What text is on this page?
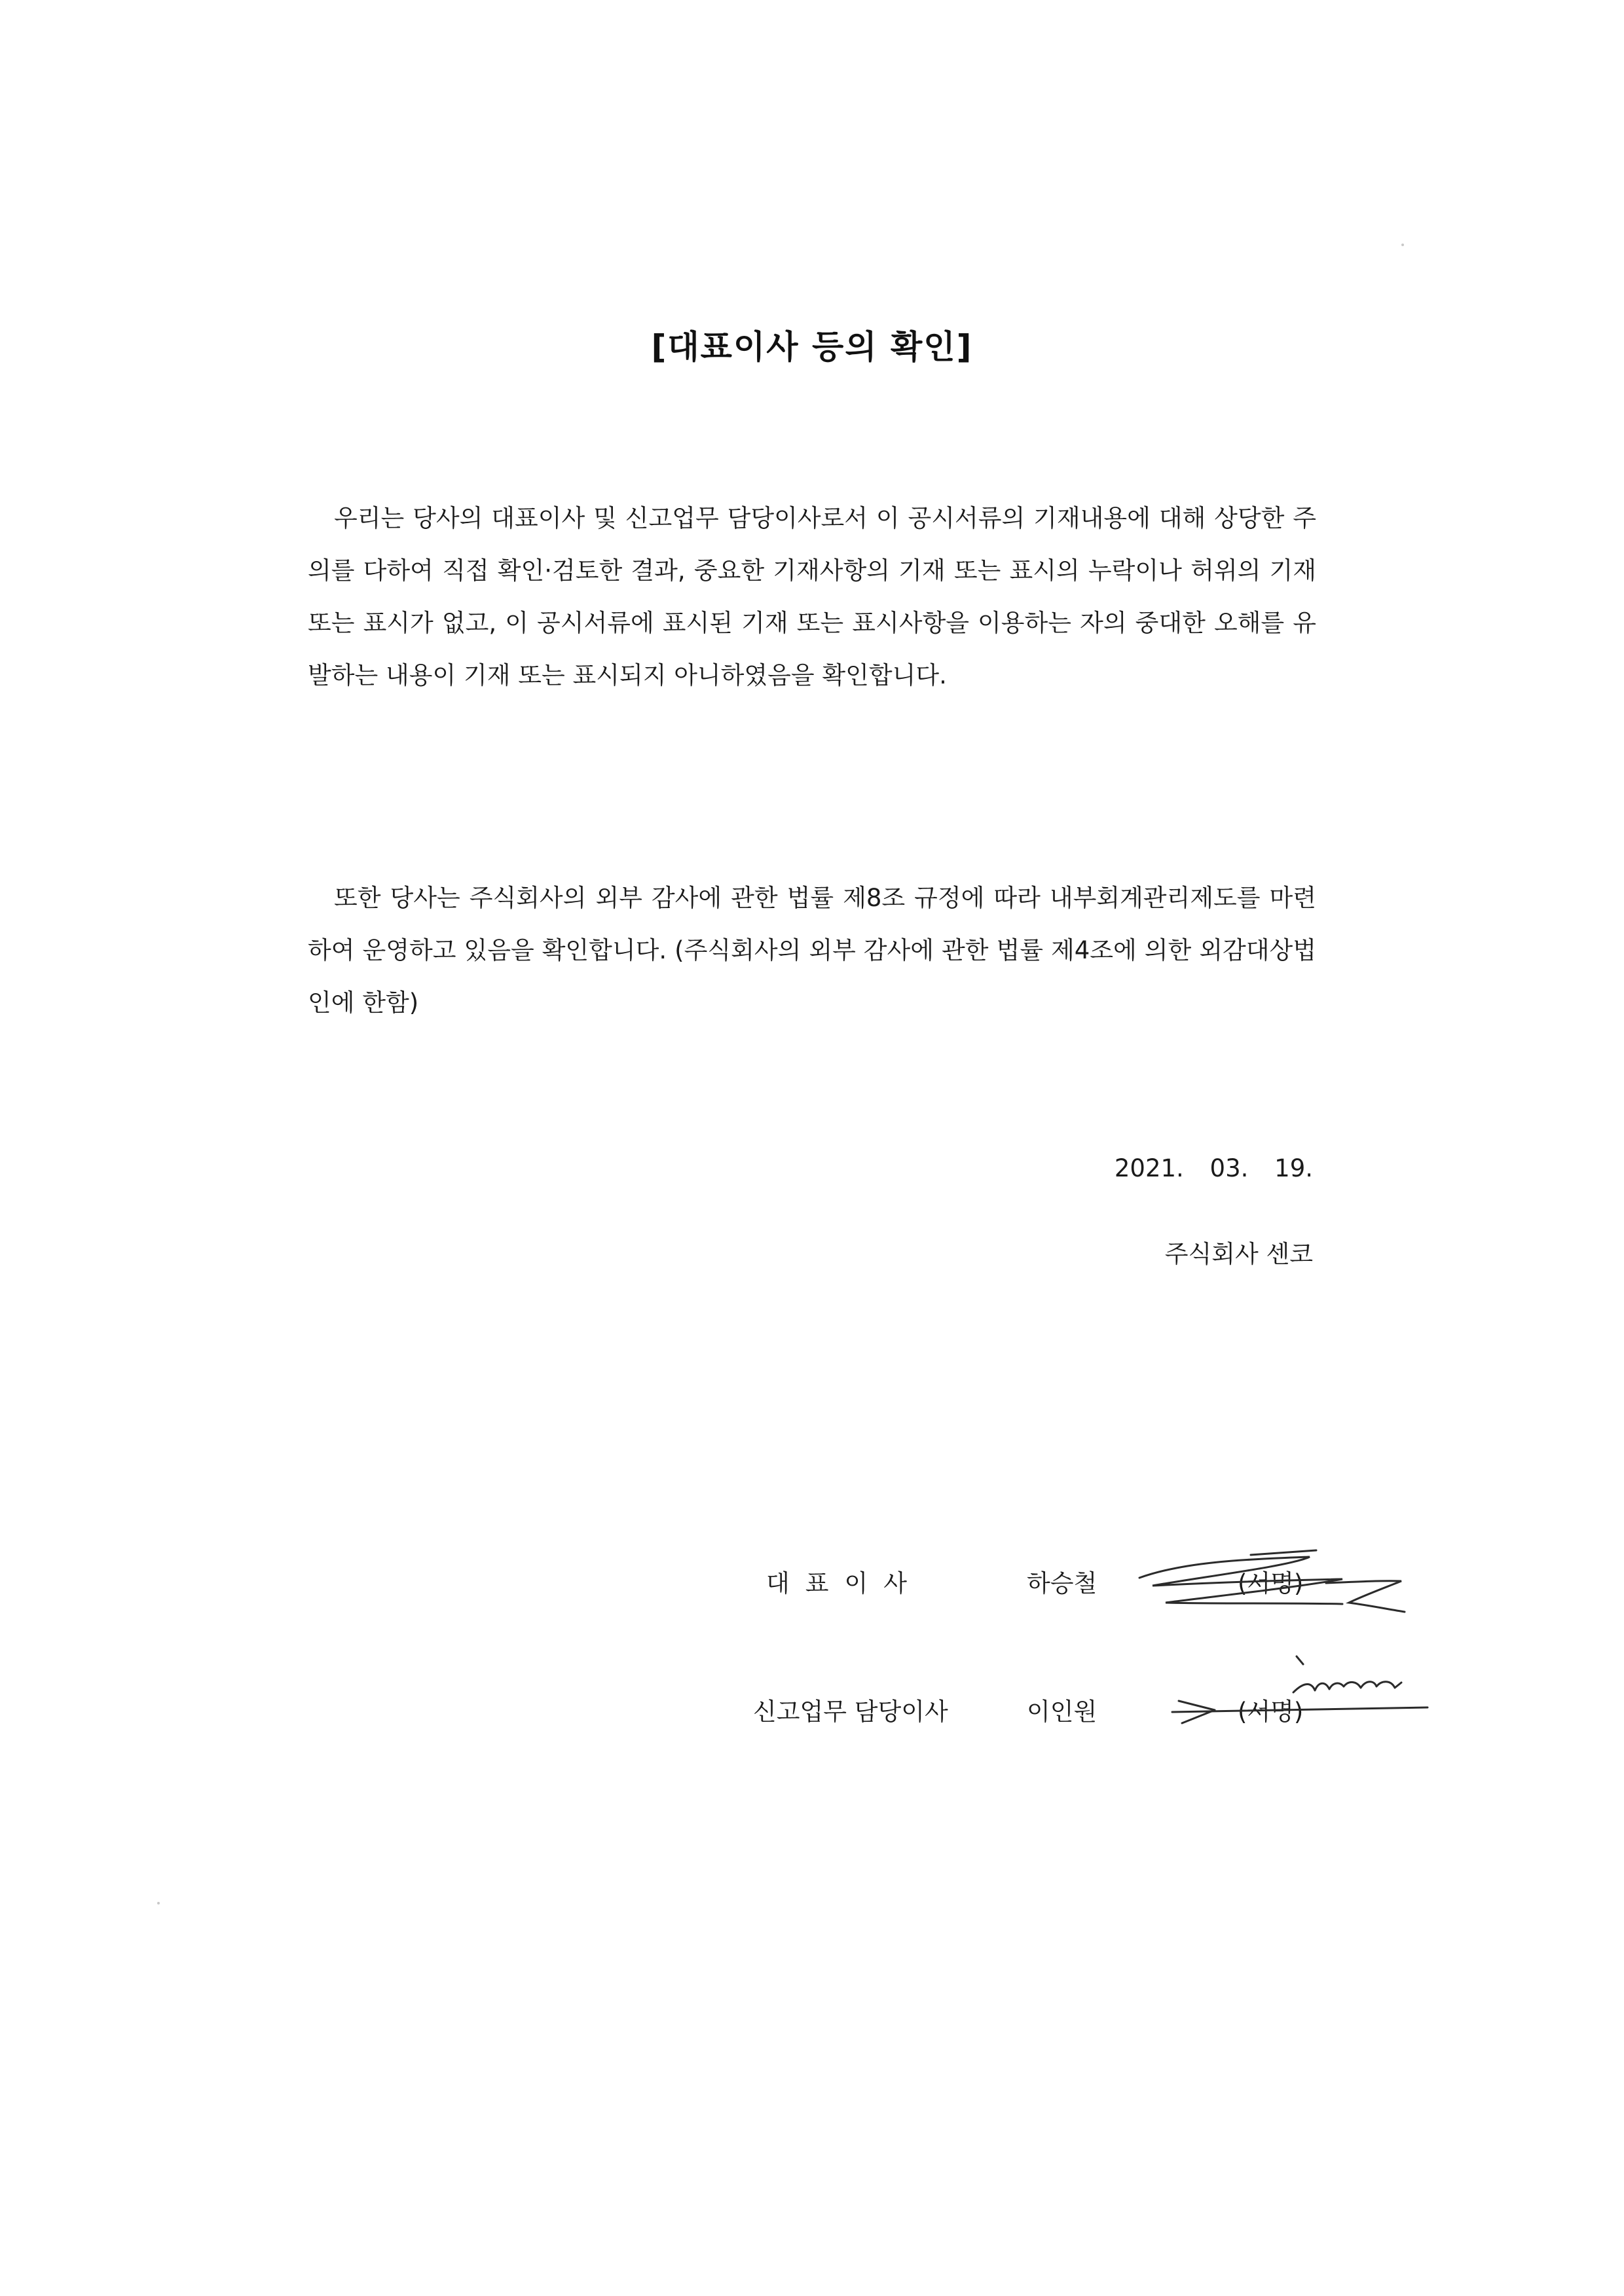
[대표이사 등의 확인]
우리는 당사의 대표이사 및 신고업무 담당이사로서 이 공시서류의 기재내용에 대해 상당한 주의를 다하여 직접 확인·검토한 결과, 중요한 기재사항의 기재 또는 표시의 누락이나 허위의 기재 또는 표시가 없고, 이 공시서류에 표시된 기재 또는 표시사항을 이용하는 자의 중대한 오해를 유발하는 내용이 기재 또는 표시되지 아니하였음을 확인합니다.
또한 당사는 주식회사의 외부 감사에 관한 법률 제8조 규정에 따라 내부회계관리제도를 마련하여 운영하고 있음을 확인합니다. (주식회사의 외부 감사에 관한 법률 제4조에 의한 외감대상법인에 한함)
2021. 03. 19.
주식회사 센코
대표이사	하승철	(서명)
신고업무 담당이사	이인원	(서명)
